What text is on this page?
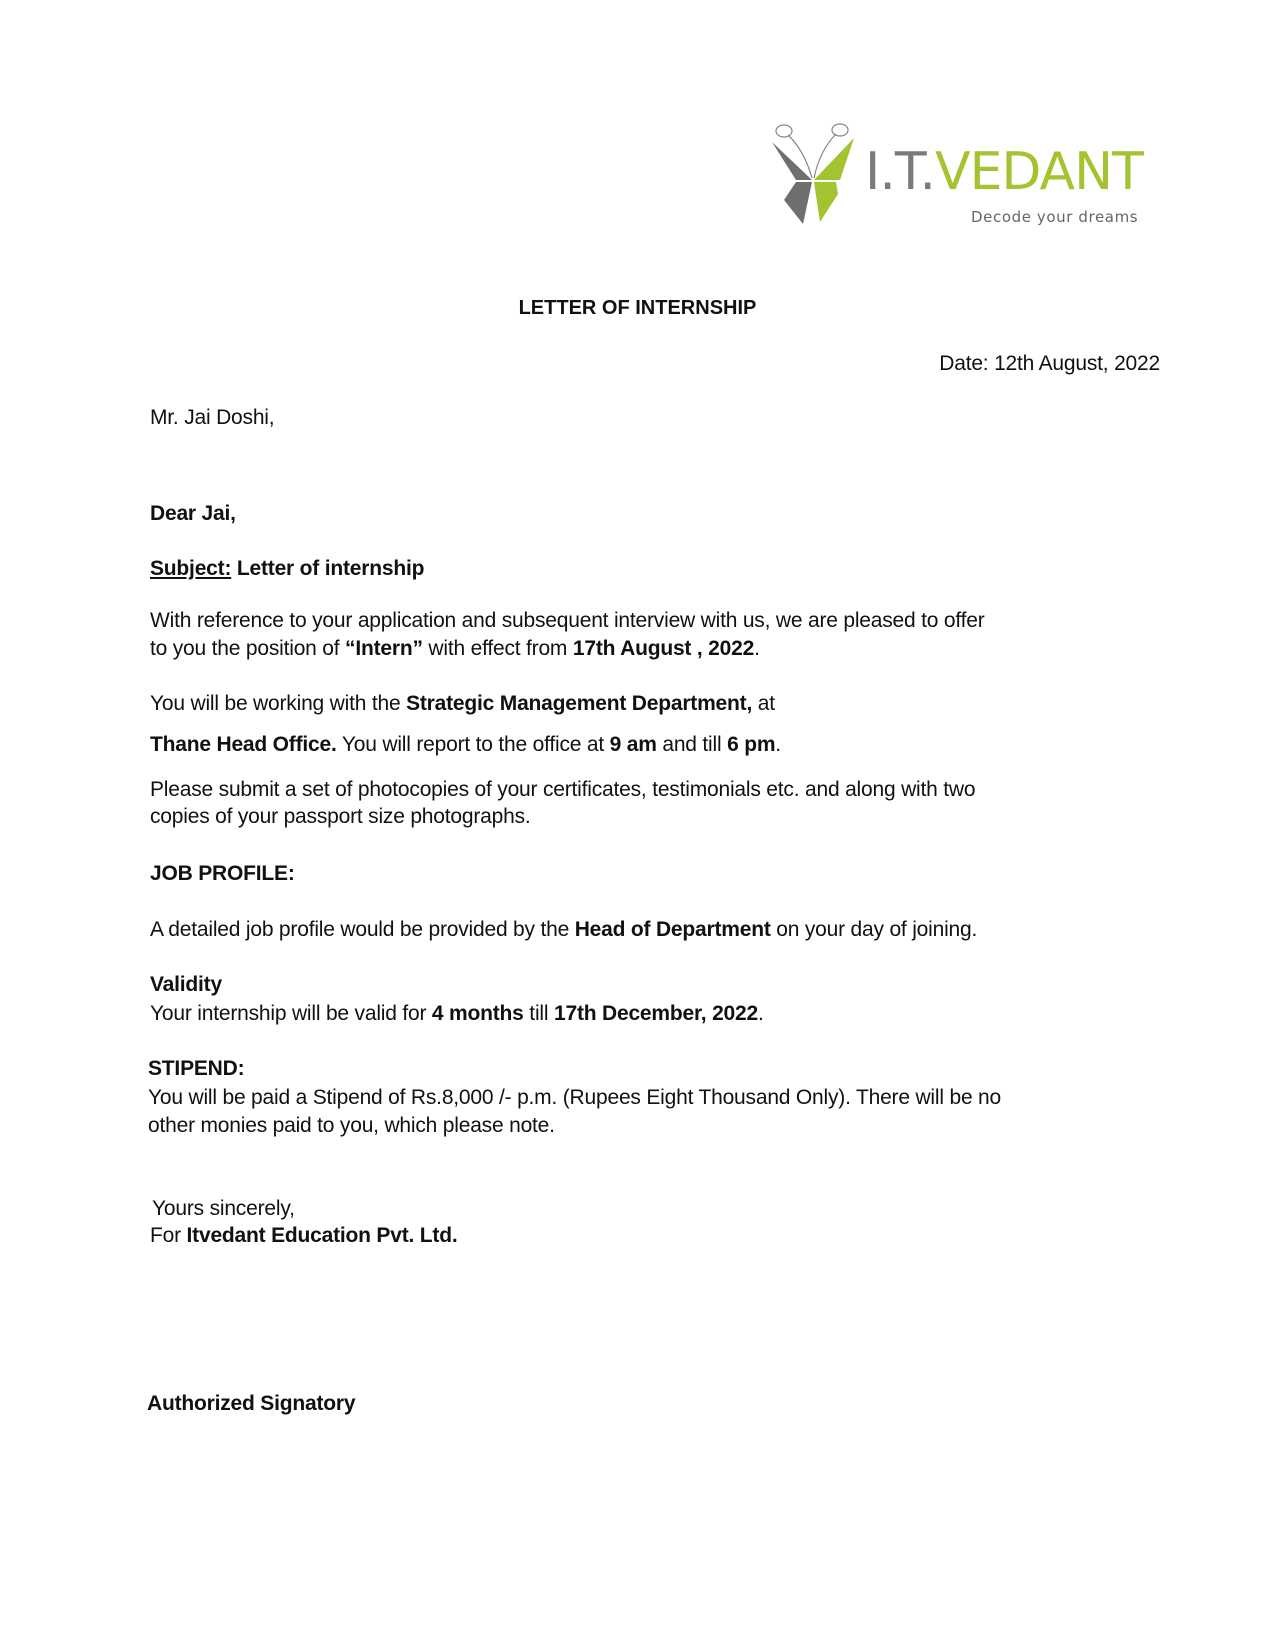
I.T.VEDANT
Decode your dreams
LETTER OF INTERNSHIP
Date: 12th August, 2022
Mr. Jai Doshi,
Dear Jai,
Subject: Letter of internship
With reference to your application and subsequent interview with us, we are pleased to offer
to you the position of “Intern” with effect from 17th August , 2022.
You will be working with the Strategic Management Department, at
Thane Head Office. You will report to the office at 9 am and till 6 pm.
Please submit a set of photocopies of your certificates, testimonials etc. and along with two
copies of your passport size photographs.
JOB PROFILE:
A detailed job profile would be provided by the Head of Department on your day of joining.
Validity
Your internship will be valid for 4 months till 17th December, 2022.
STIPEND:
You will be paid a Stipend of Rs.8,000 /- p.m. (Rupees Eight Thousand Only). There will be no
other monies paid to you, which please note.
Yours sincerely,
For Itvedant Education Pvt. Ltd.
Authorized Signatory
